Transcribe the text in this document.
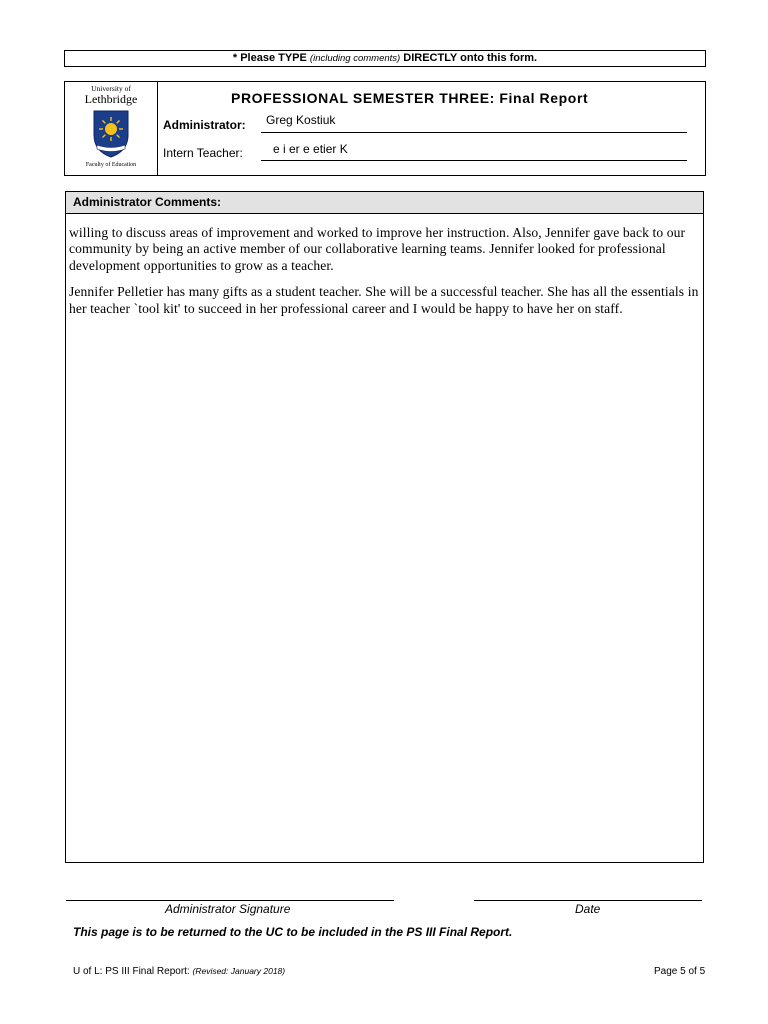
* Please TYPE (including comments) DIRECTLY onto this form.
University of
Lethbridge
Faculty of Education
PROFESSIONAL SEMESTER THREE: Final Report
Administrator: Greg Kostiuk
Intern Teacher:	e i er e etier K
Administrator Comments:

willing to discuss areas of improvement and worked to improve her instruction. Also, Jennifer gave back to our community by being an active member of our collaborative learning teams. Jennifer looked for professional development opportunities to grow as a teacher.

Jennifer Pelletier has many gifts as a student teacher. She will be a successful teacher. She has all the essentials in her teacher `tool kit' to succeed in her professional career and I would be happy to have her on staff.

Administrator Signature	Date
This page is to be returned to the UC to be included in the PS III Final Report.
U of L: PS III Final Report: (Revised: January 2018)	Page 5 of 5
